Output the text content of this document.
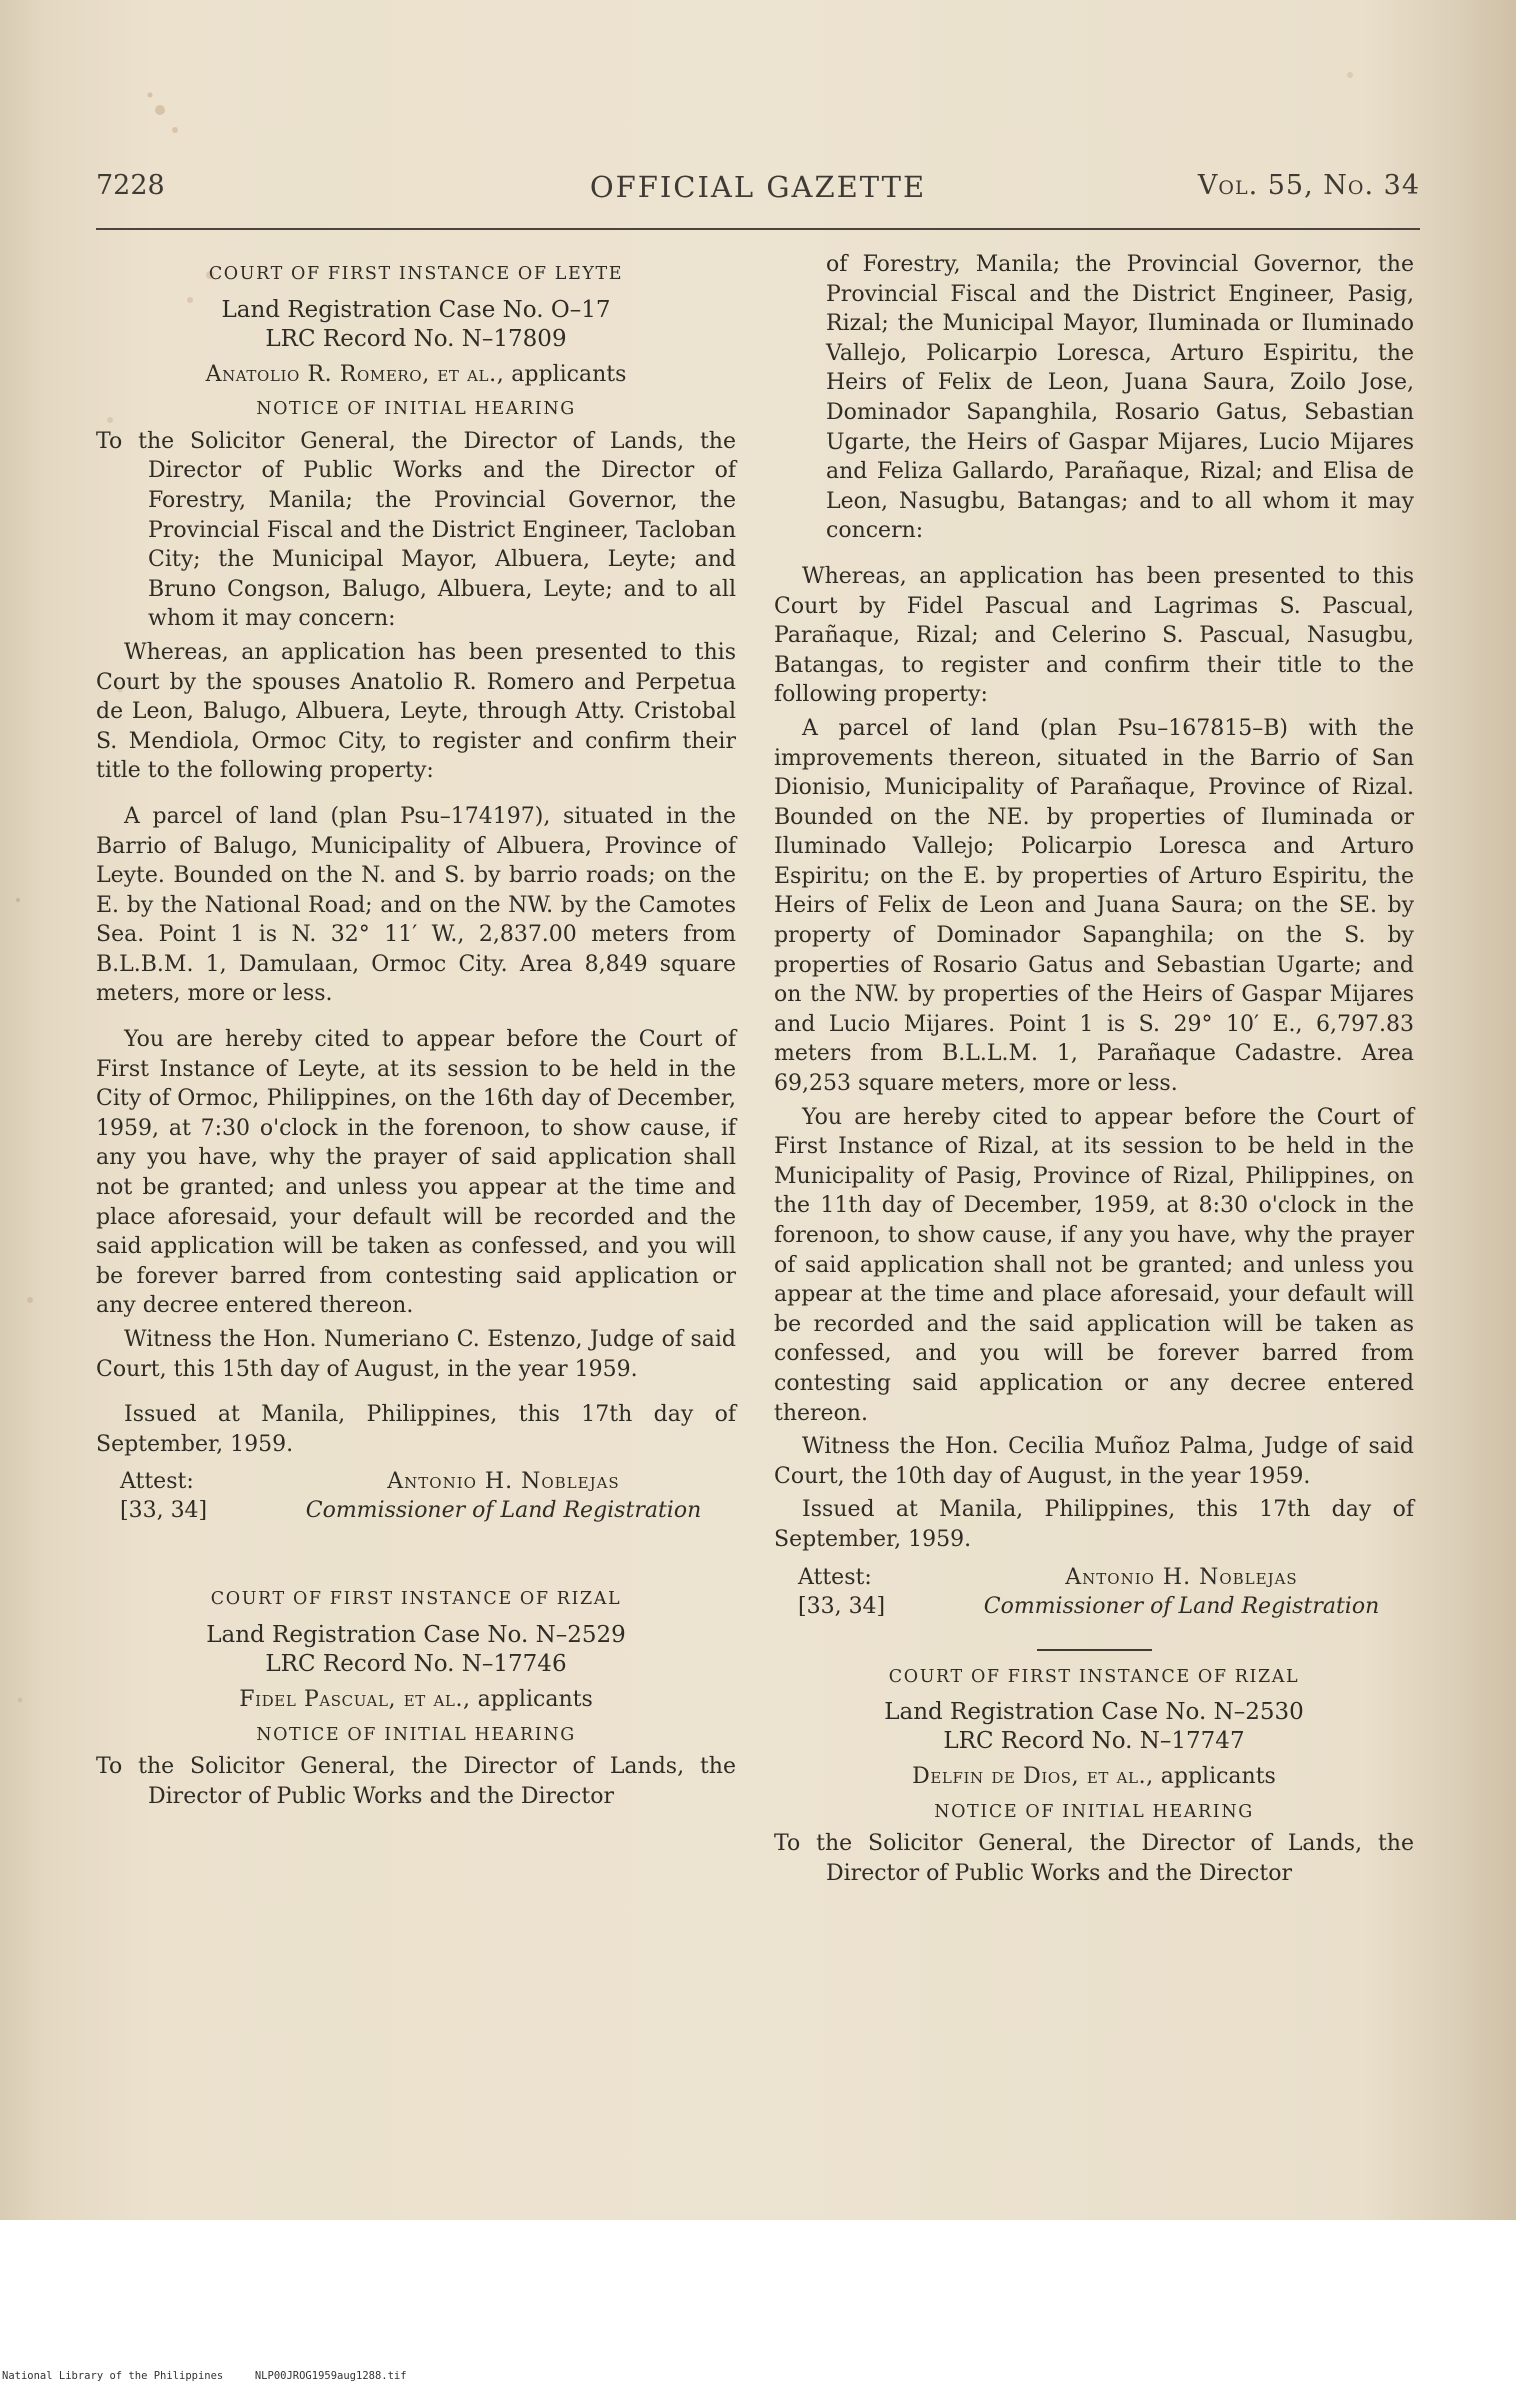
7228	OFFICIAL GAZETTE	Vol. 55, No. 34
COURT OF FIRST INSTANCE OF LEYTE
Land Registration Case No. O–17
LRC Record No. N–17809
Anatolio R. Romero, et al., applicants
NOTICE OF INITIAL HEARING

To the Solicitor General, the Director of Lands, the Director of Public Works and the Director of Forestry, Manila; the Provincial Governor, the Provincial Fiscal and the District Engineer, Tacloban City; the Municipal Mayor, Albuera, Leyte; and Bruno Congson, Balugo, Albuera, Leyte; and to all whom it may concern:

Whereas, an application has been presented to this Court by the spouses Anatolio R. Romero and Perpetua de Leon, Balugo, Albuera, Leyte, through Atty. Cristobal S. Mendiola, Ormoc City, to register and confirm their title to the following property:

A parcel of land (plan Psu–174197), situated in the Barrio of Balugo, Municipality of Albuera, Province of Leyte. Bounded on the N. and S. by barrio roads; on the E. by the National Road; and on the NW. by the Camotes Sea. Point 1 is N. 32° 11′ W., 2,837.00 meters from B.L.B.M. 1, Damulaan, Ormoc City. Area 8,849 square meters, more or less.

You are hereby cited to appear before the Court of First Instance of Leyte, at its session to be held in the City of Ormoc, Philippines, on the 16th day of December, 1959, at 7:30 o'clock in the forenoon, to show cause, if any you have, why the prayer of said application shall not be granted; and unless you appear at the time and place aforesaid, your default will be recorded and the said application will be taken as confessed, and you will be forever barred from contesting said application or any decree entered thereon.

Witness the Hon. Numeriano C. Estenzo, Judge of said Court, this 15th day of August, in the year 1959.

Issued at Manila, Philippines, this 17th day of September, 1959.

Attest:
[33, 34]
Antonio H. Noblejas
Commissioner of Land Registration
COURT OF FIRST INSTANCE OF RIZAL
Land Registration Case No. N–2529
LRC Record No. N–17746
Fidel Pascual, et al., applicants
NOTICE OF INITIAL HEARING

To the Solicitor General, the Director of Lands, the Director of Public Works and the Director

of Forestry, Manila; the Provincial Governor, the Provincial Fiscal and the District Engineer, Pasig, Rizal; the Municipal Mayor, Iluminada or Iluminado Vallejo, Policarpio Loresca, Arturo Espiritu, the Heirs of Felix de Leon, Juana Saura, Zoilo Jose, Dominador Sapanghila, Rosario Gatus, Sebastian Ugarte, the Heirs of Gaspar Mijares, Lucio Mijares and Feliza Gallardo, Parañaque, Rizal; and Elisa de Leon, Nasugbu, Batangas; and to all whom it may concern:

Whereas, an application has been presented to this Court by Fidel Pascual and Lagrimas S. Pascual, Parañaque, Rizal; and Celerino S. Pascual, Nasugbu, Batangas, to register and confirm their title to the following property:

A parcel of land (plan Psu–167815–B) with the improvements thereon, situated in the Barrio of San Dionisio, Municipality of Parañaque, Province of Rizal. Bounded on the NE. by properties of Iluminada or Iluminado Vallejo; Policarpio Loresca and Arturo Espiritu; on the E. by properties of Arturo Espiritu, the Heirs of Felix de Leon and Juana Saura; on the SE. by property of Dominador Sapanghila; on the S. by properties of Rosario Gatus and Sebastian Ugarte; and on the NW. by properties of the Heirs of Gaspar Mijares and Lucio Mijares. Point 1 is S. 29° 10′ E., 6,797.83 meters from B.L.L.M. 1, Parañaque Cadastre. Area 69,253 square meters, more or less.

You are hereby cited to appear before the Court of First Instance of Rizal, at its session to be held in the Municipality of Pasig, Province of Rizal, Philippines, on the 11th day of December, 1959, at 8:30 o'clock in the forenoon, to show cause, if any you have, why the prayer of said application shall not be granted; and unless you appear at the time and place aforesaid, your default will be recorded and the said application will be taken as confessed, and you will be forever barred from contesting said application or any decree entered thereon.

Witness the Hon. Cecilia Muñoz Palma, Judge of said Court, the 10th day of August, in the year 1959.

Issued at Manila, Philippines, this 17th day of September, 1959.

Attest:
[33, 34]
Antonio H. Noblejas
Commissioner of Land Registration
COURT OF FIRST INSTANCE OF RIZAL
Land Registration Case No. N–2530
LRC Record No. N–17747
Delfin de Dios, et al., applicants
NOTICE OF INITIAL HEARING

To the Solicitor General, the Director of Lands, the Director of Public Works and the Director

National Library of the Philippines     NLP00JROG1959aug1288.tif
